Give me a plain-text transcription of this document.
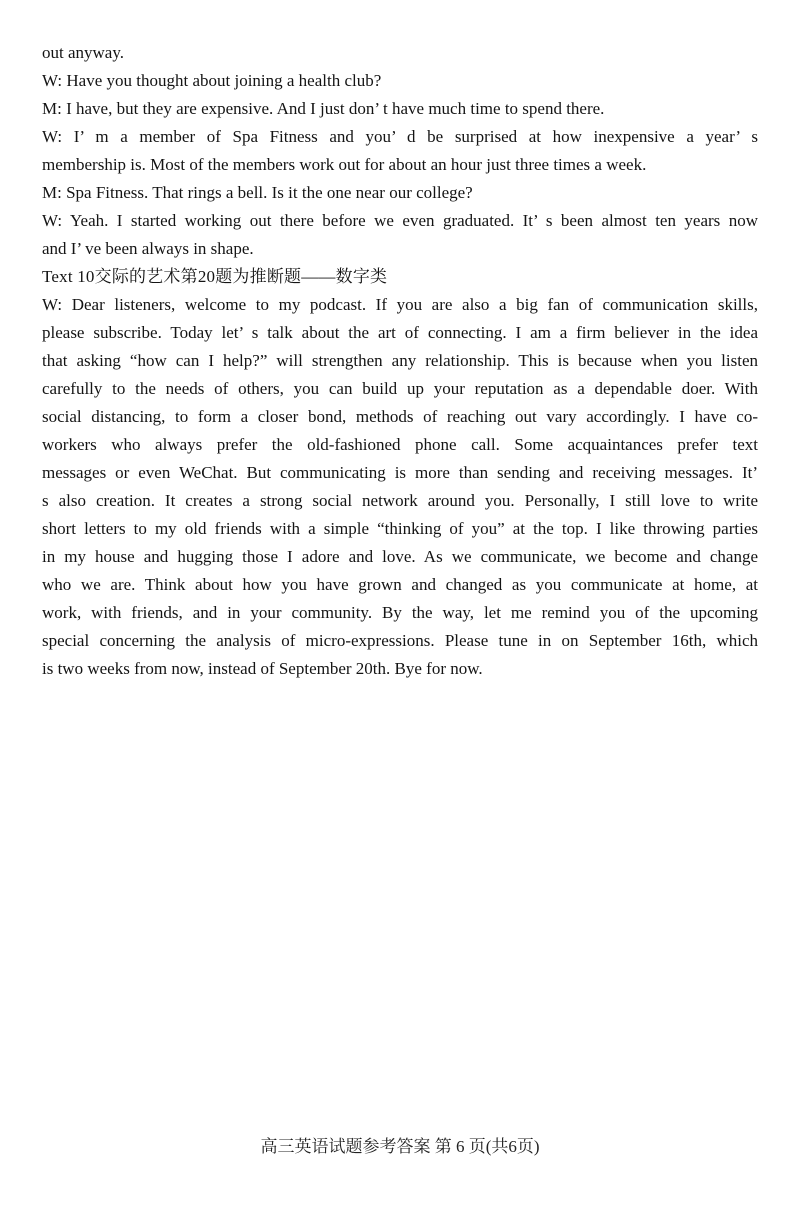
out anyway.
W: Have you thought about joining a health club?
M: I have, but they are expensive. And I just don’ t have much time to spend there.
W: I’ m a member of Spa Fitness and you’ d be surprised at how inexpensive a year’ s
membership is. Most of the members work out for about an hour just three times a week.
M: Spa Fitness. That rings a bell. Is it the one near our college?
W: Yeah. I started working out there before we even graduated. It’ s been almost ten years now
and I’ ve been always in shape.
Text 10交际的艺术第20题为推断题——数字类
W: Dear listeners, welcome to my podcast. If you are also a big fan of communication skills,
please subscribe. Today let’ s talk about the art of connecting. I am a firm believer in the idea
that asking “how can I help?” will strengthen any relationship. This is because when you listen
carefully to the needs of others, you can build up your reputation as a dependable doer. With
social distancing, to form a closer bond, methods of reaching out vary accordingly. I have co-
workers who always prefer the old-fashioned phone call. Some acquaintances prefer text
messages or even WeChat. But communicating is more than sending and receiving messages. It’
s also creation. It creates a strong social network around you. Personally, I still love to write
short letters to my old friends with a simple “thinking of you” at the top. I like throwing parties
in my house and hugging those I adore and love. As we communicate, we become and change
who we are. Think about how you have grown and changed as you communicate at home, at
work, with friends, and in your community. By the way, let me remind you of the upcoming
special concerning the analysis of micro-expressions. Please tune in on September 16th, which
is two weeks from now, instead of September 20th. Bye for now.
高三英语试题参考答案 第 6 页(共6页)
